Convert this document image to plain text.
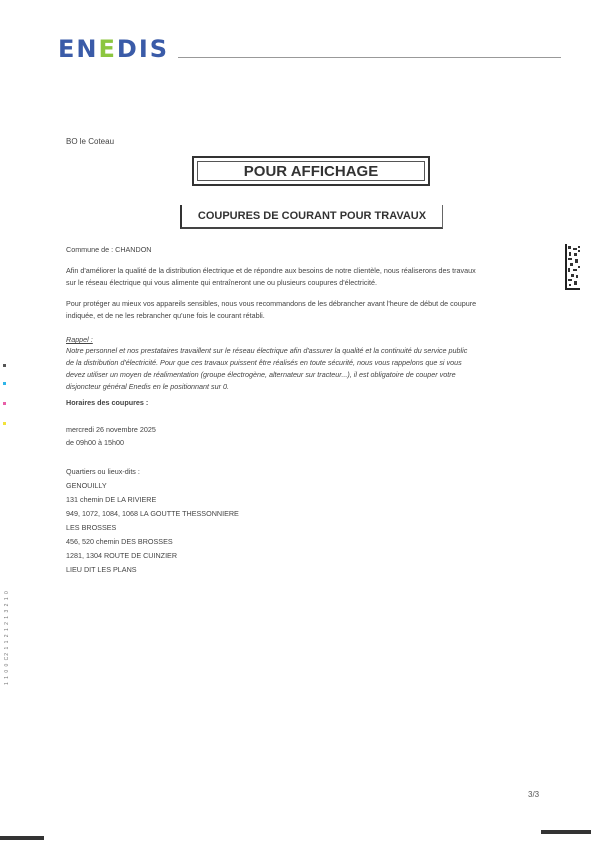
ENEDIS
BO le Coteau
POUR AFFICHAGE
COUPURES DE COURANT POUR TRAVAUX
Commune de : CHANDON
Afin d'améliorer la qualité de la distribution électrique et de répondre aux besoins de notre clientèle, nous réaliserons des travaux
sur le réseau électrique qui vous alimente qui entraîneront une ou plusieurs coupures d'électricité.
Pour protéger au mieux vos appareils sensibles, nous vous recommandons de les débrancher avant l'heure de début de coupure
indiquée, et de ne les rebrancher qu'une fois le courant rétabli.
Rappel :
Notre personnel et nos prestataires travaillent sur le réseau électrique afin d'assurer la qualité et la continuité du service public
de la distribution d'électricité. Pour que ces travaux puissent être réalisés en toute sécurité, nous vous rappelons que si vous
devez utiliser un moyen de réalimentation (groupe électrogène, alternateur sur tracteur...), il est obligatoire de couper votre
disjoncteur général Enedis en le positionnant sur 0.
Horaires des coupures :
mercredi 26 novembre 2025
de 09h00 à 15h00
Quartiers ou lieux-dits :
GENOUILLY
131 chemin DE LA RIVIERE
949, 1072, 1084, 1068 LA GOUTTE THESSONNIERE
LES BROSSES
456, 520 chemin DES BROSSES
1281, 1304 ROUTE DE CUINZIER
LIEU DIT LES PLANS
3/3
1 1 0 0 C2 1 1 2 1 2 1 3 2 1 0
